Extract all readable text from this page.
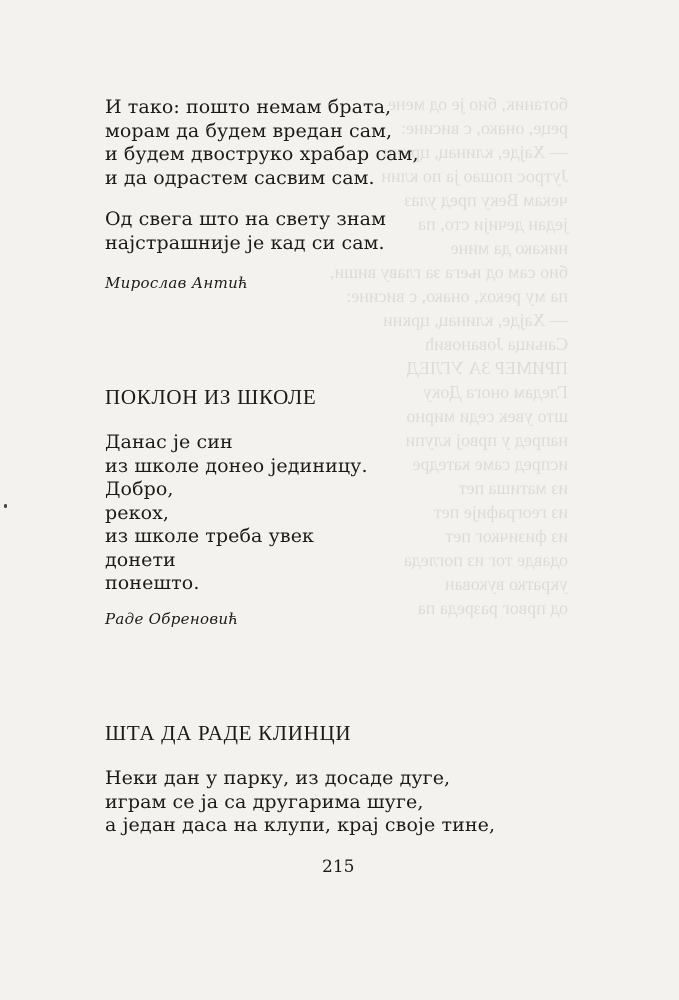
ботаник, био је од мене
реце, онако, с висине:
— Хајде, клинац, цркни
Јутрос пошао ја по клин
чекам Веку пред улаз
један дечији сто, па
никако да мине
био сам од њега за главу виши,
па му рекох, онако, с висине:
— Хајде, клинац, цркни
Сањица Јовановић
ПРИМЕР ЗА УГЛЕД
Гледам онога Доку
што увек седи мирно
напред у првој клупи
испред саме катедре
из матиша пет
из географије пет
из физичког пет
одавде тог из погледа
укратко вукован
од првог разреда па
И тако: пошто немам брата,
морам да будем вредан сам,
и будем двоструко храбар сам,
и да одрастем сасвим сам.
Од свега што на свету знам
најстрашније је кад си сам.
Мирослав Антић
ПОКЛОН ИЗ ШКОЛЕ
Данас је син
из школе донео јединицу.
Добро,
рекох,
из школе треба увек
донети
понешто.
Раде Обреновић
ШТА ДА РАДЕ КЛИНЦИ
Неки дан у парку, из досаде дуге,
играм се ја са другарима шуге,
а један даса на клупи, крај своје тине,
215
